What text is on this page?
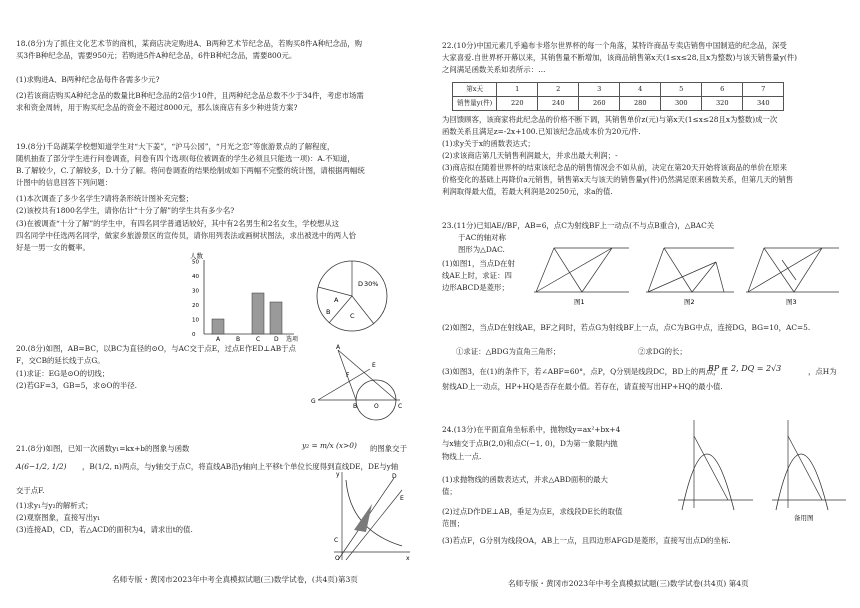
18.(8分)为了抓住文化艺术节的商机，某商店决定购进A、B两种艺术节纪念品，若购买8件A种纪念品，购
买3件B种纪念品，需要950元；若购进5件A种纪念品，6件B种纪念品，需要800元。
(1)求购进A、B两种纪念品每件各需多少元?
(2)若该商店购买A种纪念品的数量比B种纪念品的2倍少10件，且两种纪念品总数不少于34件，考虑市场需
求和资金周转，用于购买纪念品的资金不超过8000元，那么该商店有多少种进货方案?
19.(8分)千岛湖某学校想知道学生对“大下姜”，“沪马公园”，“月光之恋”等旅游景点的了解程度，
随机抽查了部分学生进行问卷调查，问卷有四个选项(每位被调查的学生必须且只能选一项)：A.不知道，
B.了解较少，C.了解较多，D.十分了解。将问卷调查的结果绘制成如下两幅不完整的统计图，请根据两幅统
计图中的信息回答下列问题：
(1)本次调查了多少名学生?请将条形统计图补充完整；
(2)该校共有1800名学生，请你估计“十分了解”的学生共有多少名?
(3)在被调查“十分了解”的学生中，有四名同学普通话较好，其中有2名男生和2名女生，学校想从这
四名同学中任选两名同学，做家乡旅游景区的宣传员，请你用列表法或画树状图法，求出被选中的两人恰
好是一男一女的概率。
人数
50
40
30
20
10
0
A	B	C D 选项
D 30%
A
C
B
20.(8分)如图，AB=BC，以BC为直径的⊙O，与AC交于点E，过点E作ED⊥AB于点
F，交CB的延长线于点G。
(1)求证：EG是⊙O的切线；
(2)若GF=3，GB=5，求⊙O的半径.
A
E
F
G
B	O	C
21.(8分)如图，已知一次函数y₁=kx+b的图象与函数	y₂ = m/x (x>0) 的图象交于
A(6−1/2, 1/2) ，B(1/2, n)两点，与y轴交于点C，将直线AB沿y轴向上平移t个单位长度得到直线DE，DE与y轴
交于点F.
(1)求y₁与y₂的解析式；
(2)观察图象，直接写出y₁
(3)连接AD，CD，若△ACD的面积为4，请求出t的值.
y
x
O
D
C
E
名师专版・黄冈市2023年中考全真模拟试题(三)数学试卷，(共4页)第3页
22.(10分)中国元素几乎遍布卡塔尔世界杯的每一个角落，某特许商品专卖店销售中国制造的纪念品，深受
大家喜爱.自世界杯开幕以来，其销售量不断增加，该商品销售第x天(1≤x≤28,且x为整数)与该天销售量y(件)
之间满足函数关系如表所示：…
第x天	1	2	3	4	5	6	7
销售量y(件)	220	240	260	280	300	320	340
为回馈顾客，该商家将此纪念品的价格不断下调，其销售单价z(元)与第x天(1≤x≤28且x为整数)成一次
函数关系且满足z=-2x+100.已知该纪念品成本价为20元/件.
(1)求y关于x的函数表达式；
(2)求该商店第几天销售利润最大，并求出最大利润；-
(3)商店拟在随着世界杯的结束该纪念品的销售情况会不如从前，决定在第20天开始将该商品的单价在原来
价格变化的基础上再降价a元销售，销售第x天与该天的销售量y(件)仍然满足原来函数关系，但第几天的销售
利润取得最大值，若最大利润是20250元，求a的值.
23.(11分)已知AE//BF，AB=6，点C为射线BF上一动点(不与点B重合)，△BAC关
于AC的轴对称
图形为△DAC.
(1)如图1，当点D在射
线AE上时，求证：四
边形ABCD是菱形；
图1	图2	图3
(2)如图2，当点D在射线AE，BF之间时，若点G为射线BF上一点，点C为BG中点，连接DG，BG=10，AC=5.
①求证：△BDG为直角三角形；	②求DG的长；
(3)如图3，在(1)的条件下，若∠ABF=60°，点P，Q分别是线段DC，BD上的两点，且
BP = 2, DQ = 2√3	，点H为
射线AD上一动点，HP+HQ是否存在最小值。若存在，请直接写出HP+HQ的最小值.
24.(13分)在平面直角坐标系中，抛物线y=ax²+bx+4
与x轴交于点B(2,0)和点C(−1, 0)，D为第一象限内抛
物线上一点.
(1)求抛物线的函数表达式，并求△ABD面积的最大
值；
(2)过点D作DE⊥AB，垂足为点E，求线段DE长的取值
范围；
(3)若点F，G分别为线段OA，AB上一点，且四边形AFGD是菱形，直接写出点D的坐标.
备用图
名师专版・黄冈市2023年中考全真模拟试题(三)数学试卷(共4页) 第4页
